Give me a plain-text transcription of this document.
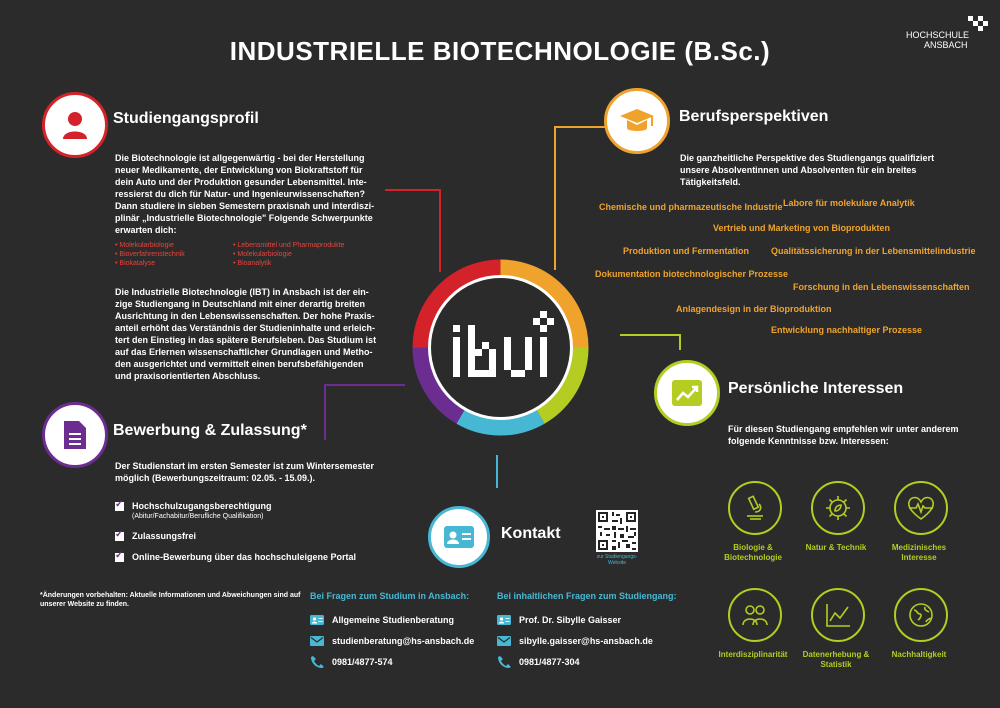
INDUSTRIELLE BIOTECHNOLOGIE (B.Sc.)
HOCHSCHULE
ANSBACH
Studiengangsprofil
Die Biotechnologie ist allgegenwärtig - bei der Herstellung
neuer Medikamente, der Entwicklung von Biokraftstoff für
dein Auto und der Produktion gesunder Lebensmittel. Inte-
ressierst du dich für Natur- und Ingenieurwissenschaften?
Dann studiere in sieben Semestern praxisnah und interdiszi-
plinär „Industrielle Biotechnologie" Folgende Schwerpunkte
erwarten dich:
• Molekularbiologie
• Bioverfahrenstechnik
• Biokatalyse
• Lebensmittel und Pharmaprodukte
• Molekularbiologie
• Bioanalytik
Die Industrielle Biotechnologie (IBT) in Ansbach ist der ein-
zige Studiengang in Deutschland mit einer derartig breiten
Ausrichtung in den Lebenswissenschaften. Der hohe Praxis-
anteil erhöht das Verständnis der Studieninhalte und erleich-
tert den Einstieg in das spätere Berufsleben. Das Studium ist
auf das Erlernen wissenschaftlicher Grundlagen und Metho-
den ausgerichtet und vermittelt einen berufsbefähigenden
und praxisorientierten Abschluss.
Bewerbung & Zulassung*
Der Studienstart im ersten Semester ist zum Wintersemester
möglich (Bewerbungszeitraum: 02.05. - 15.09.).
✓Hochschulzugangsberechtigung
(Abitur/Fachabitur/Berufliche Qualifikation)
✓Zulassungsfrei
✓Online-Bewerbung über das hochschuleigene Portal
*Änderungen vorbehalten: Aktuelle Informationen und Abweichungen sind auf
unserer Website zu finden.
Berufsperspektiven
Die ganzheitliche Perspektive des Studiengangs qualifiziert
unsere Absolventinnen und Absolventen für ein breites
Tätigkeitsfeld.
Chemische und pharmazeutische Industrie Labore für molekulare Analytik
Vertrieb und Marketing von Bioprodukten
Produktion und Fermentation Qualitätssicherung in der Lebensmittelindustrie
Dokumentation biotechnologischer Prozesse
Forschung in den Lebenswissenschaften
Anlagendesign in der Bioproduktion
Entwicklung nachhaltiger Prozesse
Persönliche Interessen
Für diesen Studiengang empfehlen wir unter anderem
folgende Kenntnisse bzw. Interessen:
Biologie &
Biotechnologie
Natur & Technik	Medizinisches
Interesse
Interdisziplinarität	Datenerhebung &
Statistik
Nachhaltigkeit
Kontakt
zur Studiengangs-
Website
Bei Fragen zum Studium in Ansbach:
Allgemeine Studienberatung
studienberatung@hs-ansbach.de
0981/4877-574
Bei inhaltlichen Fragen zum Studiengang:
Prof. Dr. Sibylle Gaisser
sibylle.gaisser@hs-ansbach.de
0981/4877-304
